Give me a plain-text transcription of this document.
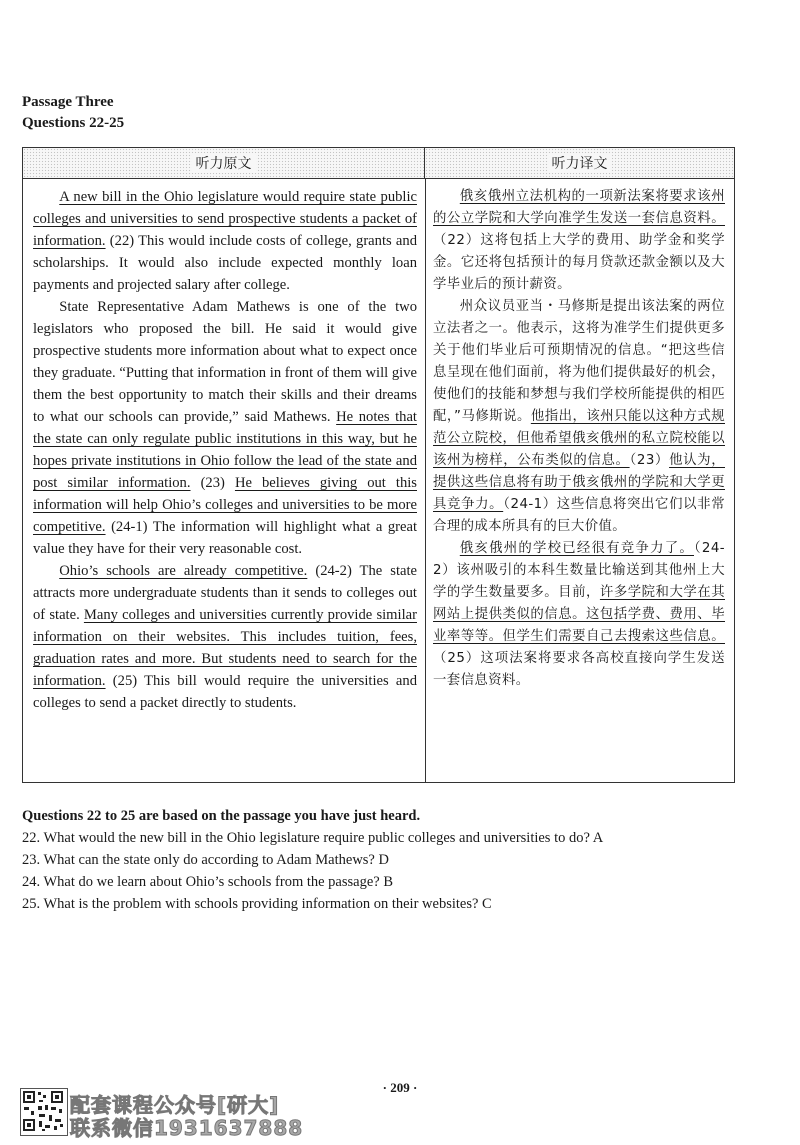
Passage Three
Questions 22-25
听力原文	听力译文

A new bill in the Ohio legislature would require state public colleges and universities to send prospective students a packet of information. (22) This would include costs of college, grants and scholarships. It would also include expected monthly loan payments and projected salary after college.

State Representative Adam Mathews is one of the two legislators who proposed the bill. He said it would give prospective students more information about what to expect once they graduate. “Putting that information in front of them will give them the best opportunity to match their skills and their dreams to what our schools can provide,” said Mathews. He notes that the state can only regulate public institutions in this way, but he hopes private institutions in Ohio follow the lead of the state and post similar information. (23) He believes giving out this information will help Ohio’s colleges and universities to be more competitive. (24-1) The information will highlight what a great value they have for their very reasonable cost.

Ohio’s schools are already competitive. (24-2) The state attracts more undergraduate students than it sends to colleges out of state. Many colleges and universities currently provide similar information on their websites. This includes tuition, fees, graduation rates and more. But students need to search for the information. (25) This bill would require the universities and colleges to send a packet directly to students.

俄亥俄州立法机构的一项新法案将要求该州的公立学院和大学向准学生发送一套信息资料。（22）这将包括上大学的费用、助学金和奖学金。它还将包括预计的每月贷款还款金额以及大学毕业后的预计薪资。

州众议员亚当・马修斯是提出该法案的两位立法者之一。他表示，这将为准学生们提供更多关于他们毕业后可预期情况的信息。“把这些信息呈现在他们面前，将为他们提供最好的机会，使他们的技能和梦想与我们学校所能提供的相匹配，”马修斯说。他指出，该州只能以这种方式规范公立院校，但他希望俄亥俄州的私立院校能以该州为榜样，公布类似的信息。（23）他认为，提供这些信息将有助于俄亥俄州的学院和大学更具竞争力。（24-1）这些信息将突出它们以非常合理的成本所具有的巨大价值。

俄亥俄州的学校已经很有竞争力了。（24-2）该州吸引的本科生数量比输送到其他州上大学的学生数量要多。目前，许多学院和大学在其网站上提供类似的信息。这包括学费、费用、毕业率等等。但学生们需要自己去搜索这些信息。（25）这项法案将要求各高校直接向学生发送一套信息资料。

Questions 22 to 25 are based on the passage you have just heard.
22. What would the new bill in the Ohio legislature require public colleges and universities to do? A
23. What can the state only do according to Adam Mathews? D
24. What do we learn about Ohio’s schools from the passage? B
25. What is the problem with schools providing information on their websites? C
· 209 ·
配套课程公众号[研大]
联系微信1931637888
